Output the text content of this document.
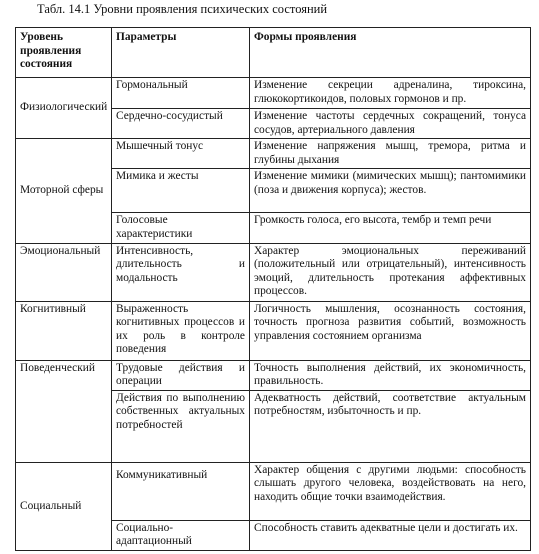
Табл. 14.1 Уровни проявления психических состояний
Уровень проявления состояния	Параметры	Формы проявления
Физиологический	Гормональный	Изменение секреции адреналина, тироксина, глюкокортикоидов, половых гормонов и пр.
	Сердечно-сосудистый	Изменение частоты сердечных сокращений, тонуса сосудов, артериального давления
Моторной сферы	Мышечный тонус	Изменение напряжения мышц, тремора, ритма и глубины дыхания
	Мимика и жесты	Изменение мимики (мимических мышц); пантомимики (поза и движения корпуса); жестов.
	Голосовые характеристики	Громкость голоса, его высота, тембр и темп речи
Эмоциональный	Интенсивность, длительность и модальность	Характер эмоциональных переживаний (положительный или отрицательный), интенсивность эмоций, длительность протекания аффективных процессов.
Когнитивный	Выраженность когнитивных процессов и их роль в контроле поведения	Логичность мышления, осознанность состояния, точность прогноза развития событий, возможность управления состоянием организма
Поведенческий	Трудовые действия и операции	Точность выполнения действий, их экономичность, правильность.
	Действия по выполнению собственных актуальных потребностей	Адекватность действий, соответствие актуальным потребностям, избыточность и пр.
Социальный	Коммуникативный	Характер общения с другими людьми: способность слышать другого человека, воздействовать на него, находить общие точки взаимодействия.
	Социально-адаптационный	Способность ставить адекватные цели и достигать их.
